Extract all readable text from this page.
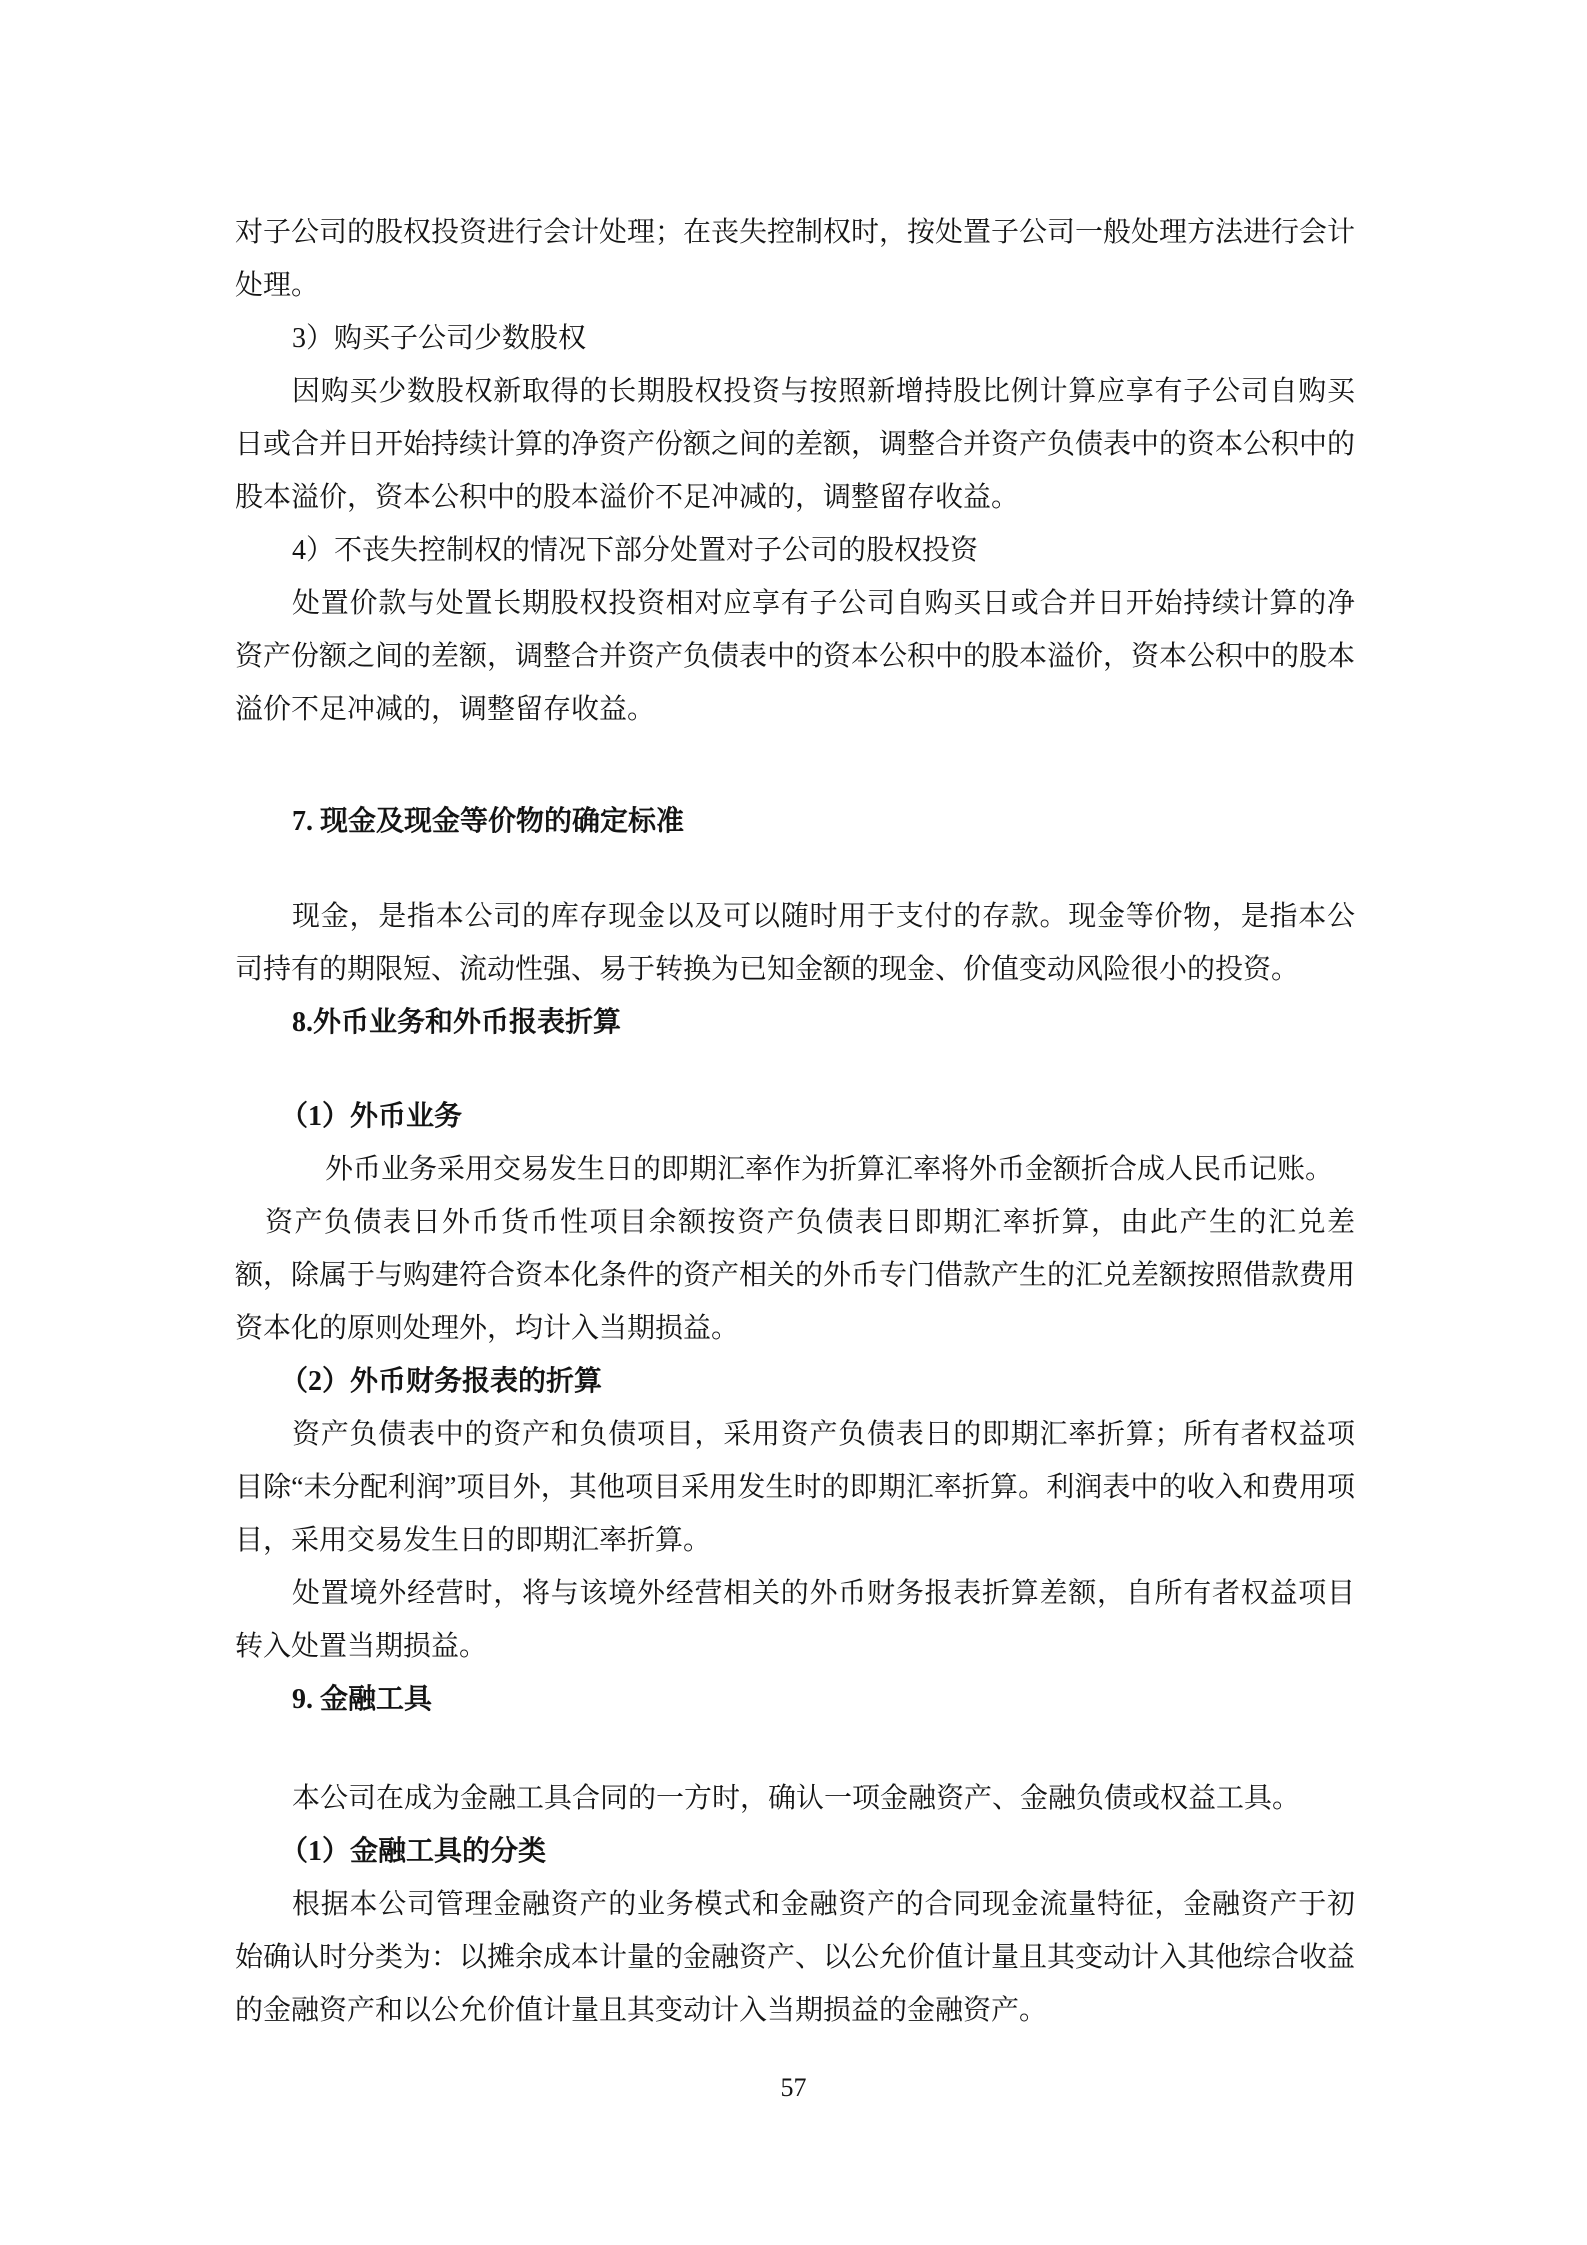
对子公司的股权投资进行会计处理；在丧失控制权时，按处置子公司一般处理方法进行会计处理。

3）购买子公司少数股权

因购买少数股权新取得的长期股权投资与按照新增持股比例计算应享有子公司自购买日或合并日开始持续计算的净资产份额之间的差额，调整合并资产负债表中的资本公积中的股本溢价，资本公积中的股本溢价不足冲减的，调整留存收益。

4）不丧失控制权的情况下部分处置对子公司的股权投资

处置价款与处置长期股权投资相对应享有子公司自购买日或合并日开始持续计算的净资产份额之间的差额，调整合并资产负债表中的资本公积中的股本溢价，资本公积中的股本溢价不足冲减的，调整留存收益。

7. 现金及现金等价物的确定标准

现金，是指本公司的库存现金以及可以随时用于支付的存款。现金等价物，是指本公司持有的期限短、流动性强、易于转换为已知金额的现金、价值变动风险很小的投资。

8.外币业务和外币报表折算

（1）外币业务

外币业务采用交易发生日的即期汇率作为折算汇率将外币金额折合成人民币记账。

资产负债表日外币货币性项目余额按资产负债表日即期汇率折算，由此产生的汇兑差额，除属于与购建符合资本化条件的资产相关的外币专门借款产生的汇兑差额按照借款费用资本化的原则处理外，均计入当期损益。

（2）外币财务报表的折算

资产负债表中的资产和负债项目，采用资产负债表日的即期汇率折算；所有者权益项目除“未分配利润”项目外，其他项目采用发生时的即期汇率折算。利润表中的收入和费用项目，采用交易发生日的即期汇率折算。

处置境外经营时，将与该境外经营相关的外币财务报表折算差额，自所有者权益项目转入处置当期损益。

9. 金融工具

本公司在成为金融工具合同的一方时，确认一项金融资产、金融负债或权益工具。

（1）金融工具的分类

根据本公司管理金融资产的业务模式和金融资产的合同现金流量特征，金融资产于初始确认时分类为：以摊余成本计量的金融资产、以公允价值计量且其变动计入其他综合收益的金融资产和以公允价值计量且其变动计入当期损益的金融资产。

57
